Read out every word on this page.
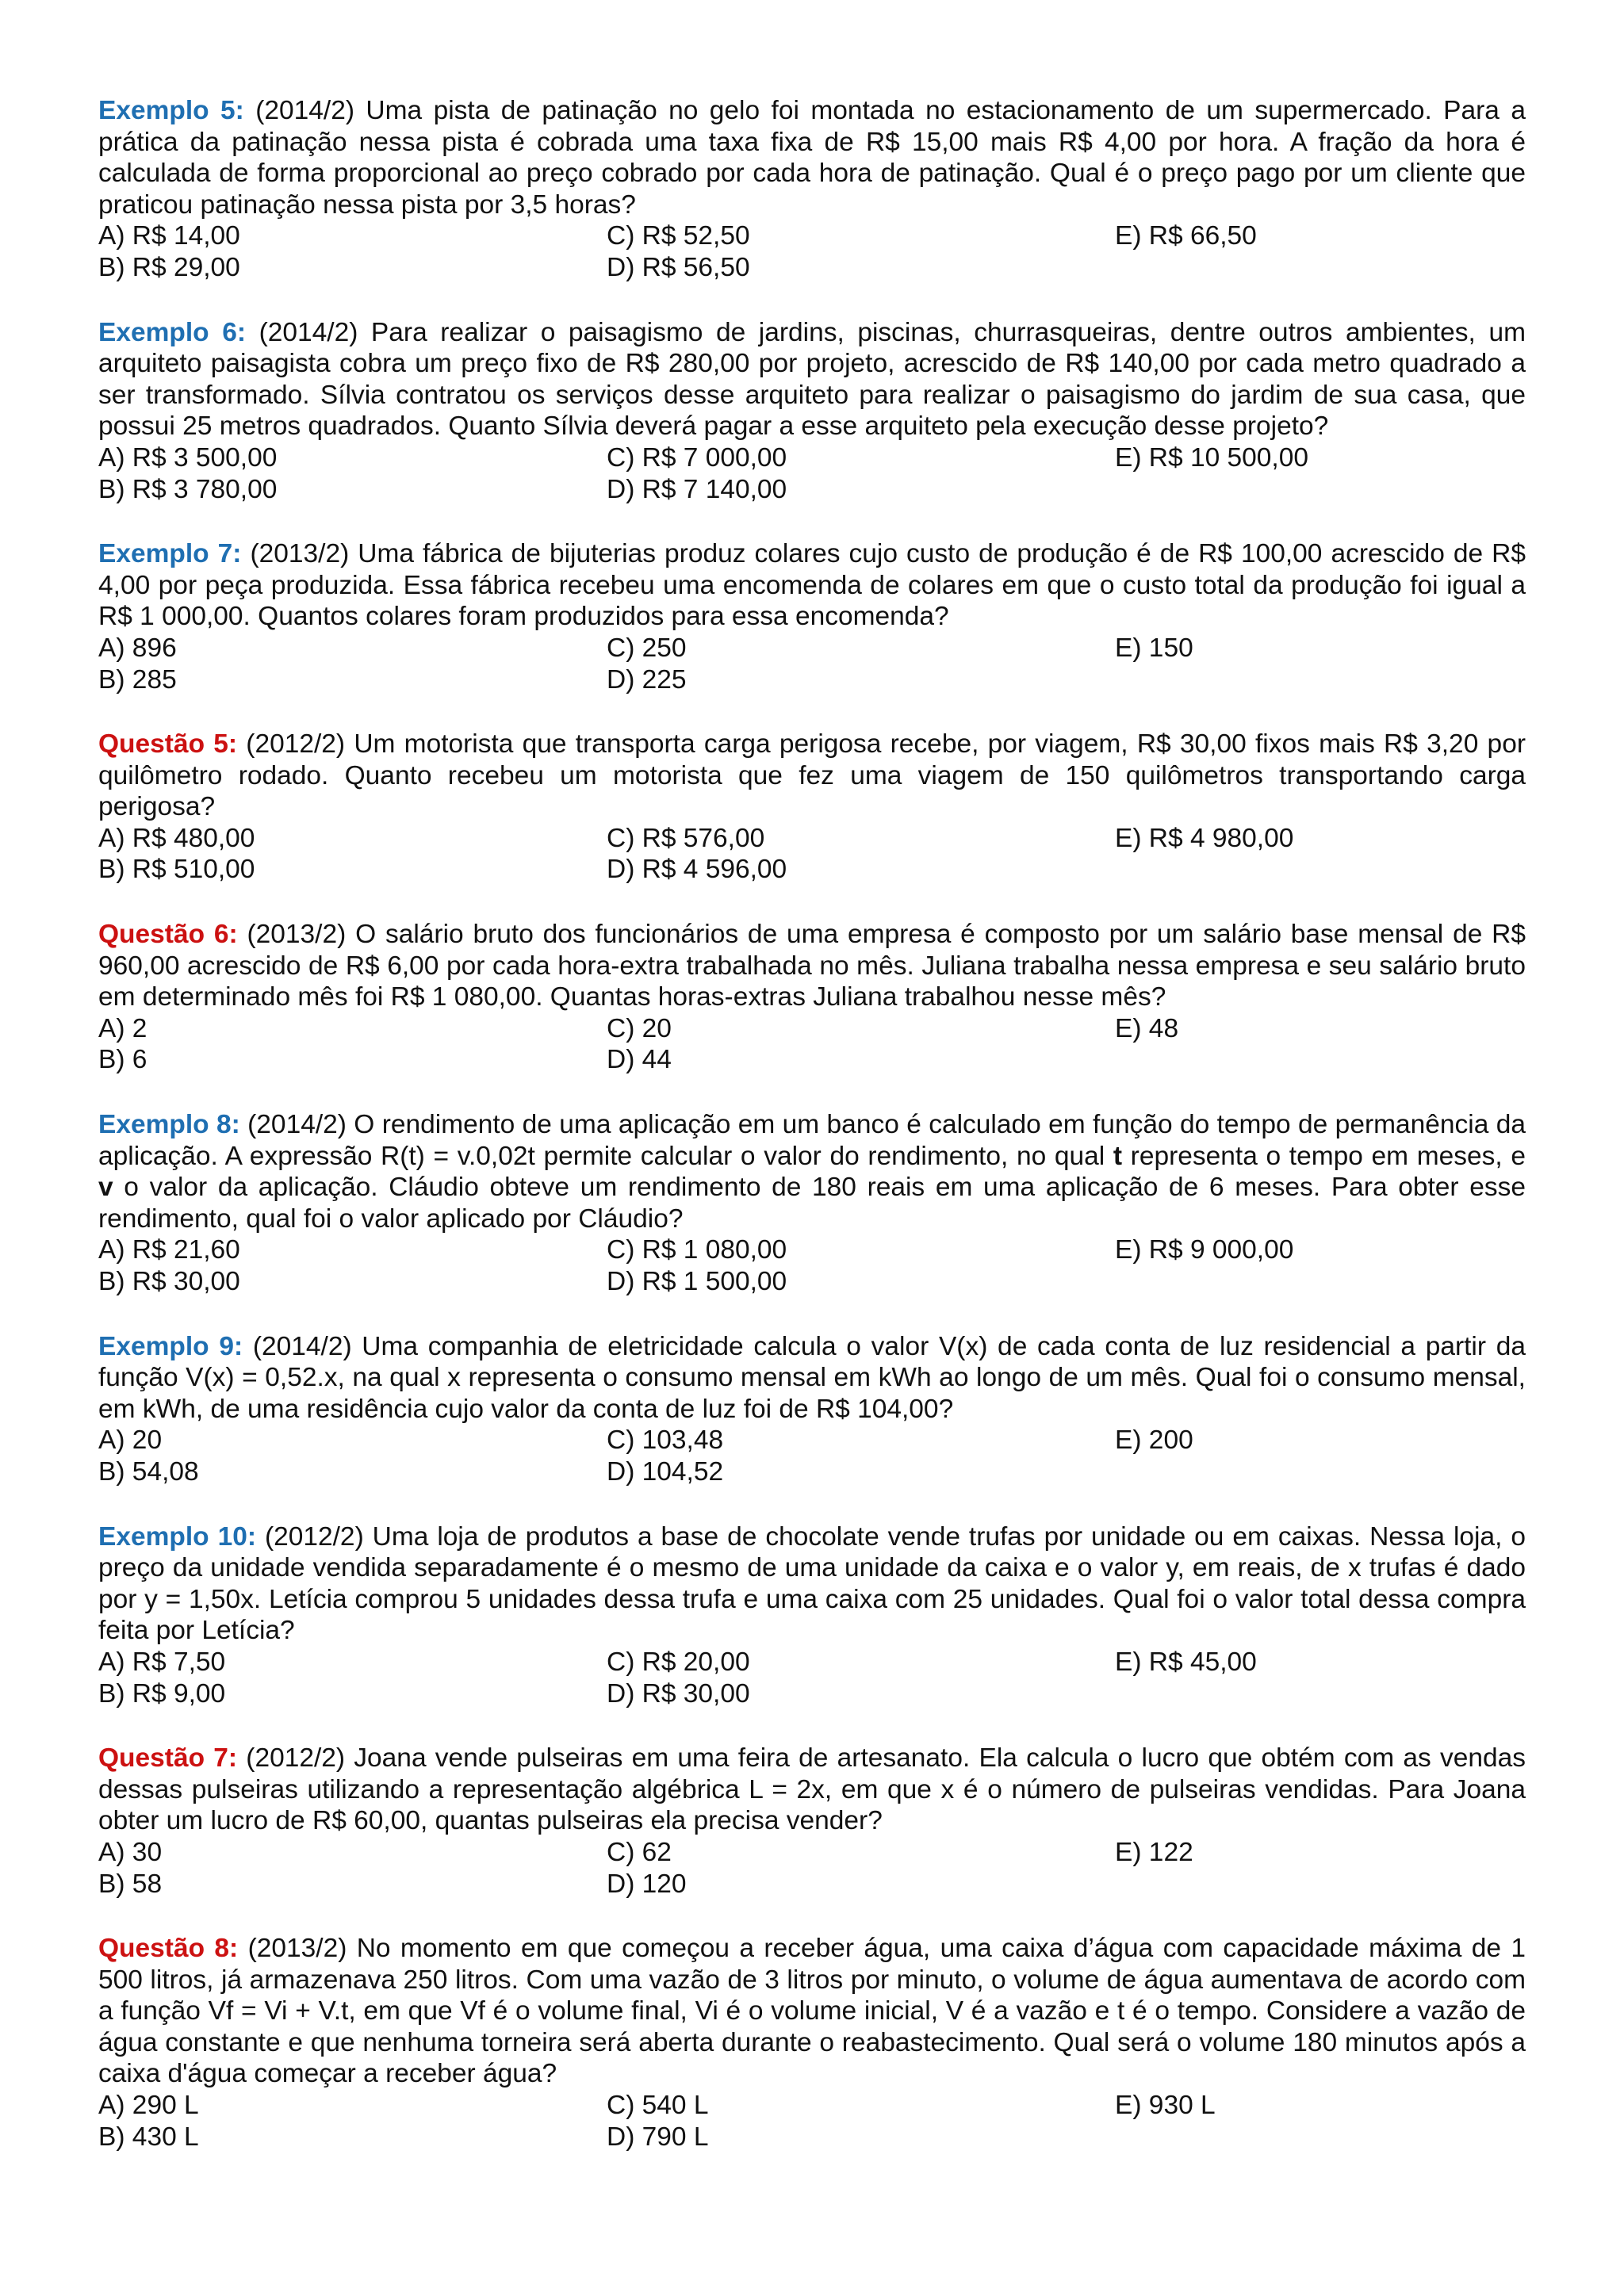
Exemplo 5: (2014/2) Uma pista de patinação no gelo foi montada no estacionamento de um supermercado. Para a prática da patinação nessa pista é cobrada uma taxa fixa de R$ 15,00 mais R$ 4,00 por hora. A fração da hora é calculada de forma proporcional ao preço cobrado por cada hora de patinação. Qual é o preço pago por um cliente que praticou patinação nessa pista por 3,5 horas?

A) R$ 14,00	C) R$ 52,50	E) R$ 66,50
B) R$ 29,00	D) R$ 56,50

Exemplo 6: (2014/2) Para realizar o paisagismo de jardins, piscinas, churrasqueiras, dentre outros ambientes, um arquiteto paisagista cobra um preço fixo de R$ 280,00 por projeto, acrescido de R$ 140,00 por cada metro quadrado a ser transformado. Sílvia contratou os serviços desse arquiteto para realizar o paisagismo do jardim de sua casa, que possui 25 metros quadrados. Quanto Sílvia deverá pagar a esse arquiteto pela execução desse projeto?

A) R$ 3 500,00	C) R$ 7 000,00	E) R$ 10 500,00
B) R$ 3 780,00	D) R$ 7 140,00

Exemplo 7: (2013/2) Uma fábrica de bijuterias produz colares cujo custo de produção é de R$ 100,00 acrescido de R$ 4,00 por peça produzida. Essa fábrica recebeu uma encomenda de colares em que o custo total da produção foi igual a R$ 1 000,00. Quantos colares foram produzidos para essa encomenda?

A) 896	C) 250	E) 150
B) 285	D) 225

Questão 5: (2012/2) Um motorista que transporta carga perigosa recebe, por viagem, R$ 30,00 fixos mais R$ 3,20 por quilômetro rodado. Quanto recebeu um motorista que fez uma viagem de 150 quilômetros transportando carga perigosa?

A) R$ 480,00	C) R$ 576,00	E) R$ 4 980,00
B) R$ 510,00	D) R$ 4 596,00

Questão 6: (2013/2) O salário bruto dos funcionários de uma empresa é composto por um salário base mensal de R$ 960,00 acrescido de R$ 6,00 por cada hora-extra trabalhada no mês. Juliana trabalha nessa empresa e seu salário bruto em determinado mês foi R$ 1 080,00. Quantas horas-extras Juliana trabalhou nesse mês?

A) 2	C) 20	E) 48
B) 6	D) 44

Exemplo 8: (2014/2) O rendimento de uma aplicação em um banco é calculado em função do tempo de permanência da aplicação. A expressão R(t) = v.0,02t permite calcular o valor do rendimento, no qual t representa o tempo em meses, e v o valor da aplicação. Cláudio obteve um rendimento de 180 reais em uma aplicação de 6 meses. Para obter esse rendimento, qual foi o valor aplicado por Cláudio?

A) R$ 21,60	C) R$ 1 080,00	E) R$ 9 000,00
B) R$ 30,00	D) R$ 1 500,00

Exemplo 9: (2014/2) Uma companhia de eletricidade calcula o valor V(x) de cada conta de luz residencial a partir da função V(x) = 0,52.x, na qual x representa o consumo mensal em kWh ao longo de um mês. Qual foi o consumo mensal, em kWh, de uma residência cujo valor da conta de luz foi de R$ 104,00?

A) 20	C) 103,48	E) 200
B) 54,08	D) 104,52

Exemplo 10: (2012/2) Uma loja de produtos a base de chocolate vende trufas por unidade ou em caixas. Nessa loja, o preço da unidade vendida separadamente é o mesmo de uma unidade da caixa e o valor y, em reais, de x trufas é dado por y = 1,50x. Letícia comprou 5 unidades dessa trufa e uma caixa com 25 unidades. Qual foi o valor total dessa compra feita por Letícia?

A) R$ 7,50	C) R$ 20,00	E) R$ 45,00
B) R$ 9,00	D) R$ 30,00

Questão 7: (2012/2) Joana vende pulseiras em uma feira de artesanato. Ela calcula o lucro que obtém com as vendas dessas pulseiras utilizando a representação algébrica L = 2x, em que x é o número de pulseiras vendidas. Para Joana obter um lucro de R$ 60,00, quantas pulseiras ela precisa vender?

A) 30	C) 62	E) 122
B) 58	D) 120

Questão 8: (2013/2) No momento em que começou a receber água, uma caixa d’água com capacidade máxima de 1 500 litros, já armazenava 250 litros. Com uma vazão de 3 litros por minuto, o volume de água aumentava de acordo com a função Vf = Vi + V.t, em que Vf é o volume final, Vi é o volume inicial, V é a vazão e t é o tempo. Considere a vazão de água constante e que nenhuma torneira será aberta durante o reabastecimento. Qual será o volume 180 minutos após a caixa d'água começar a receber água?

A) 290 L	C) 540 L	E) 930 L
B) 430 L	D) 790 L
